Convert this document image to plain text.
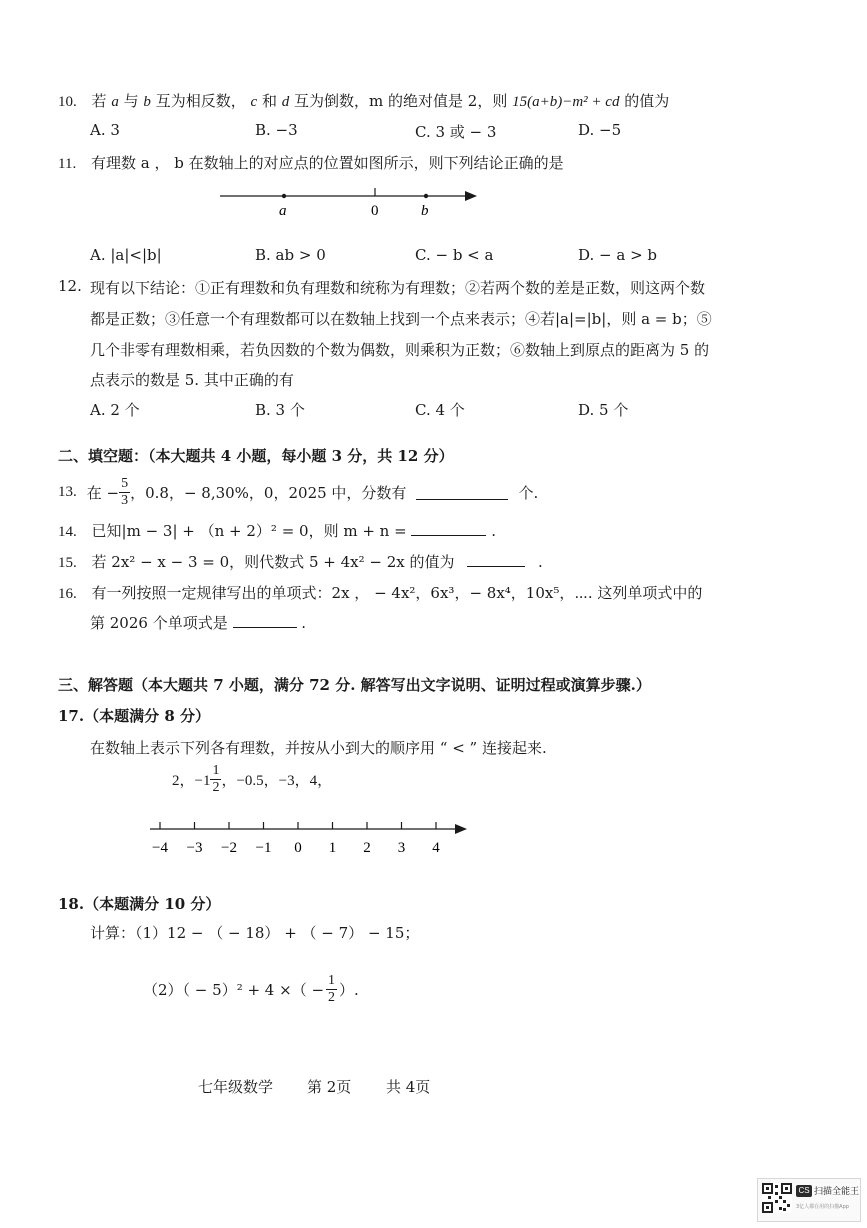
10. 若 a 与 b 互为相反数， c 和 d 互为倒数，m 的绝对值是 2，则 15(a+b)−m² + cd 的值为
A. 3	B. −3	C. 3 或 − 3	D. −5
11. 有理数 a ， b 在数轴上的对应点的位置如图所示，则下列结论正确的是
a	0	b
A. |a|<|b|	B. ab > 0	C. − b < a	D. − a > b
12. 现有以下结论：①正有理数和负有理数和统称为有理数；②若两个数的差是正数，则这两个数
都是正数；③任意一个有理数都可以在数轴上找到一个点来表示；④若|a|=|b|，则 a = b；⑤
几个非零有理数相乘，若负因数的个数为偶数，则乘积为正数；⑥数轴上到原点的距离为 5 的
点表示的数是 5. 其中正确的有
A. 2 个	B. 3 个	C. 4 个	D. 5 个
二、填空题：（本大题共 4 小题，每小题 3 分，共 12 分）
13. 在 − $\frac{5}{3}$ ，0.8，− 8,30%，0，2025 中，分数有	个.
14. 已知|m − 3| + （n + 2）² = 0，则 m + n =	.
15. 若 2x² − x − 3 = 0，则代数式 5 + 4x² − 2x 的值为	.
16. 有一列按照一定规律写出的单项式：2x ， − 4x²，6x³，− 8x⁴，10x⁵，⋯. 这列单项式中的
第 2026 个单项式是	.
三、解答题（本大题共 7 小题，满分 72 分. 解答写出文字说明、证明过程或演算步骤.）
17.（本题满分 8 分）
在数轴上表示下列各有理数，并按从小到大的顺序用 “ < ” 连接起来.
2，$-1 \frac{1}{2}$ ，−0.5，−3，4，
−4 −3 −2 −1 0 1 2 3 4
18.（本题满分 10 分）
计算：（1）12 − （ − 18） + （ − 7） − 15；
（2）（ − 5）² + 4 ×（ − $\frac{1}{2}$ ）.
七年级数学 第 2页 共 4页
CS 扫描全能王
3亿人都在用的扫描App
